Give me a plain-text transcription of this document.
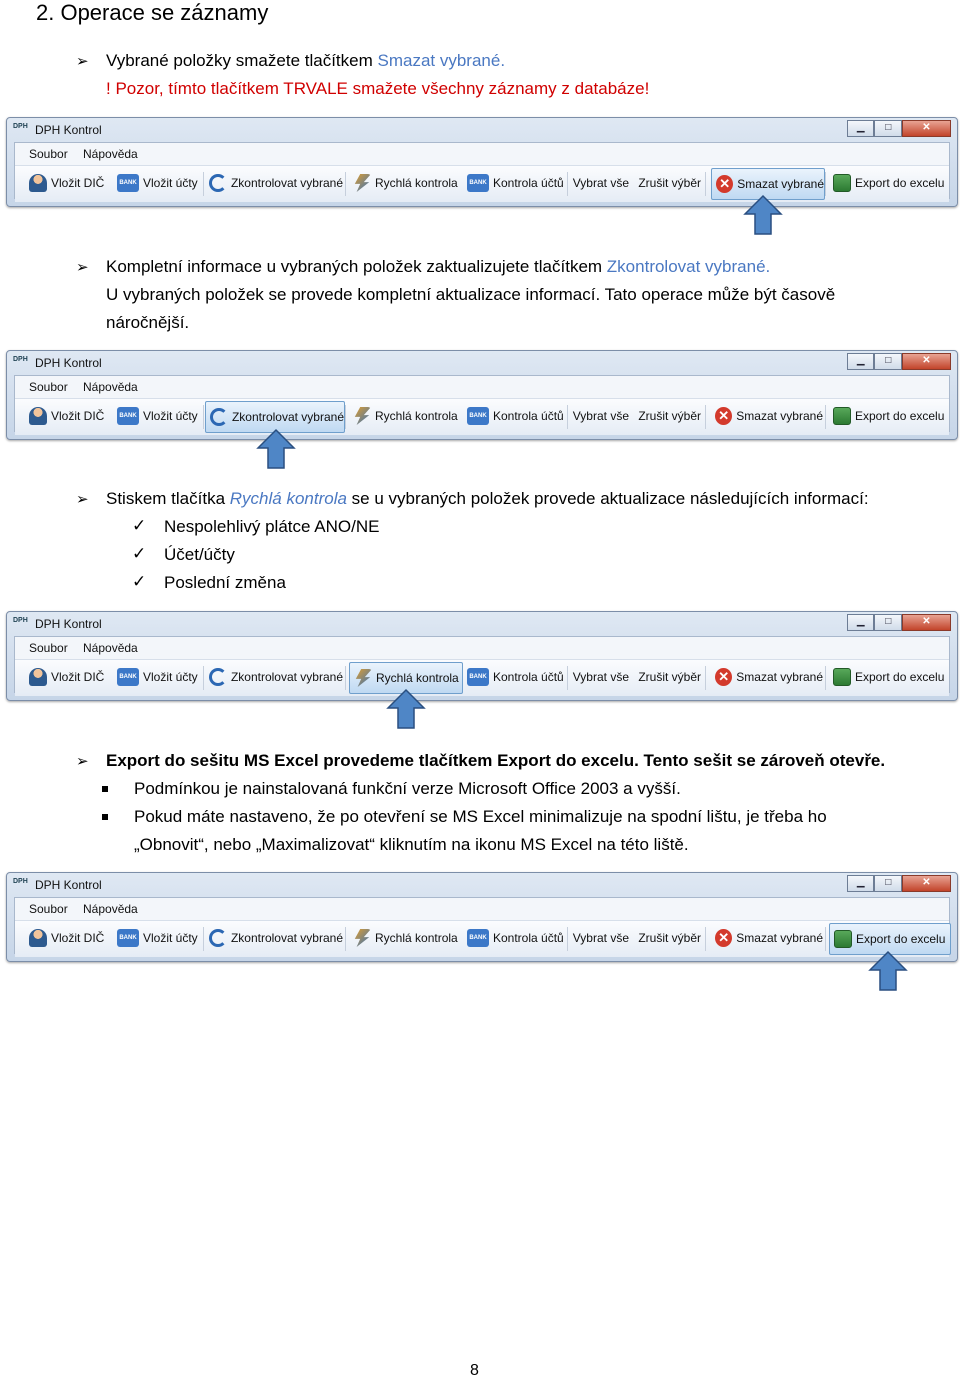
2. Operace se záznamy
➢ Vybrané položky smažete tlačítkem Smazat vybrané.
! Pozor, tímto tlačítkem TRVALE smažete všechny záznamy z databáze!
DPH DPH Kontrol	▁	□	✕
Soubor Nápověda
Vložit DIČ	BANK Vložit účty	Zkontrolovat vybrané	Rychlá kontrola	BANK Kontrola účtů Vybrat vše Zrušit výběr ✕ Smazat vybrané	Export do excelu
➢ Kompletní informace u vybraných položek zaktualizujete tlačítkem Zkontrolovat vybrané.
U vybraných položek se provede kompletní aktualizace informací. Tato operace může být časově
náročnější.
DPH DPH Kontrol	▁	□	✕
Soubor Nápověda
Vložit DIČ	BANK Vložit účty	Zkontrolovat vybrané	Rychlá kontrola	BANK Kontrola účtů Vybrat vše Zrušit výběr ✕ Smazat vybrané	Export do excelu
➢ Stiskem tlačítka Rychlá kontrola se u vybraných položek provede aktualizace následujících informací:
✓ Nespolehlivý plátce ANO/NE
✓ Účet/účty
✓ Poslední změna
DPH DPH Kontrol	▁	□	✕
Soubor Nápověda
Vložit DIČ	BANK Vložit účty	Zkontrolovat vybrané	Rychlá kontrola	BANK Kontrola účtů Vybrat vše Zrušit výběr ✕ Smazat vybrané	Export do excelu
➢ Export do sešitu MS Excel provedeme tlačítkem Export do excelu. Tento sešit se zároveň otevře.
Podmínkou je nainstalovaná funkční verze Microsoft Office 2003 a vyšší.
Pokud máte nastaveno, že po otevření se MS Excel minimalizuje na spodní lištu, je třeba ho
„Obnovit“, nebo „Maximalizovat“ kliknutím na ikonu MS Excel na této liště.
DPH DPH Kontrol	▁	□	✕
Soubor Nápověda
Vložit DIČ	BANK Vložit účty	Zkontrolovat vybrané	Rychlá kontrola	BANK Kontrola účtů Vybrat vše Zrušit výběr ✕ Smazat vybrané	Export do excelu
8
